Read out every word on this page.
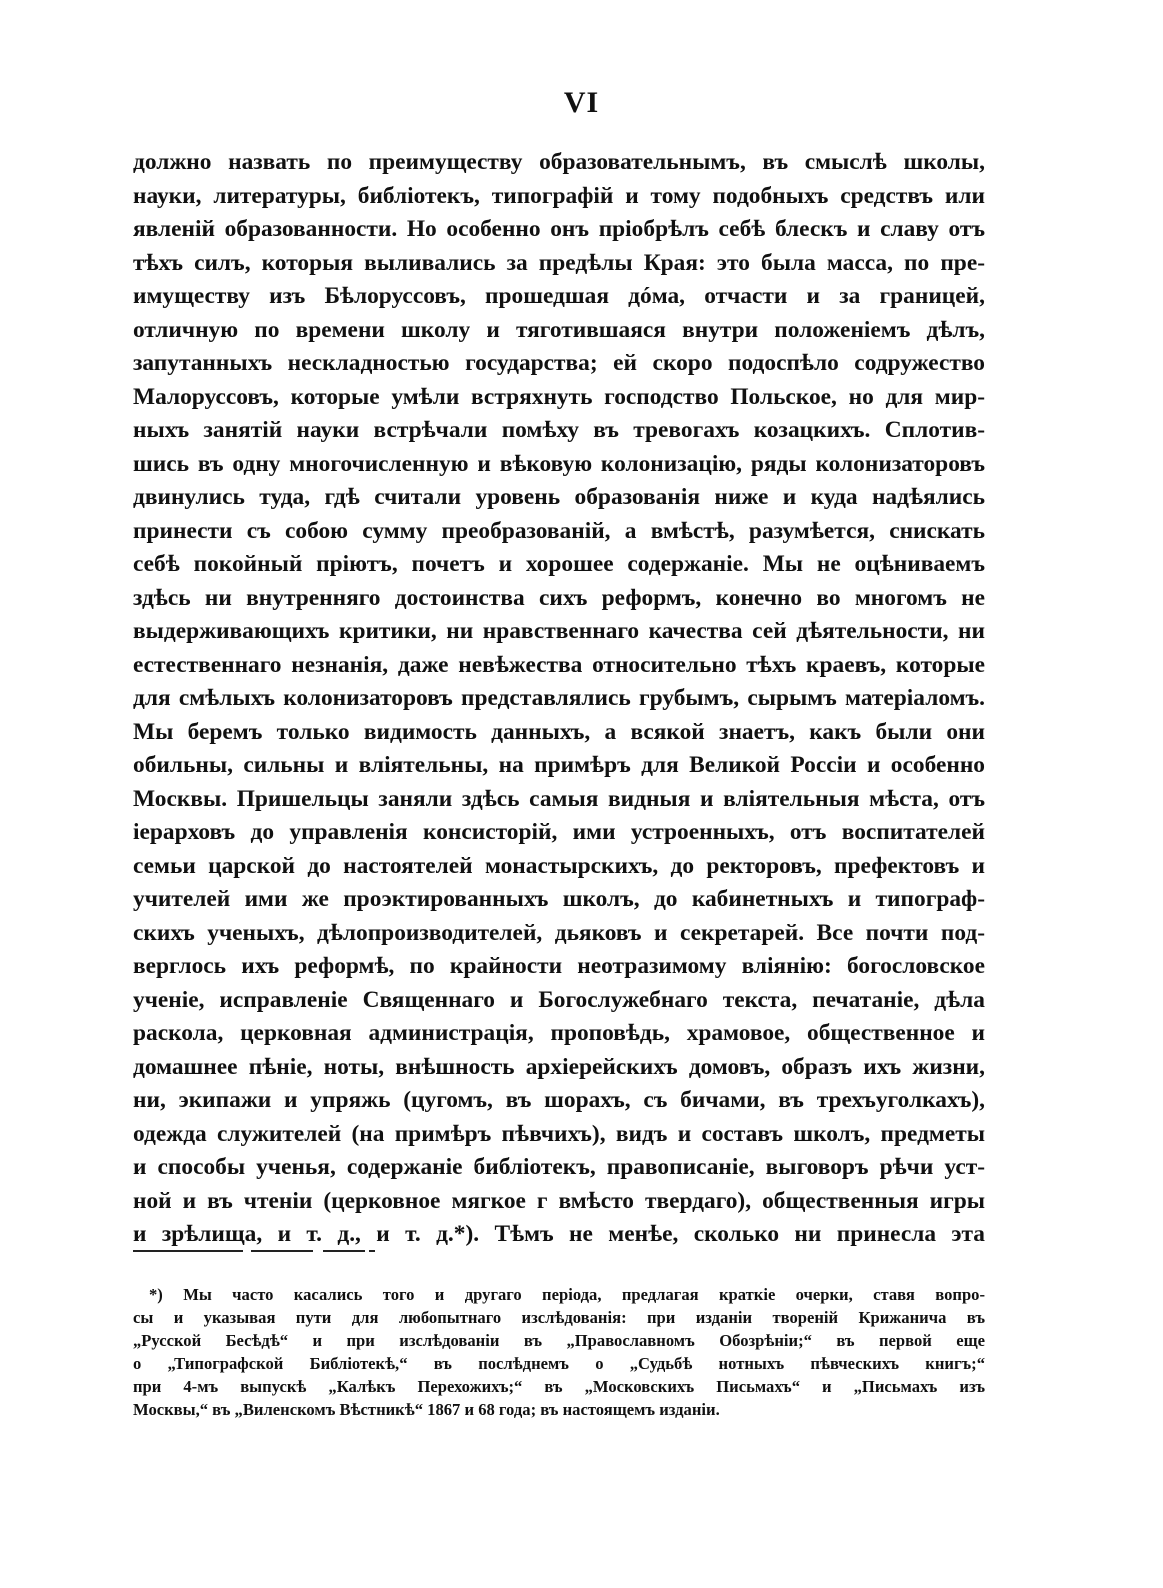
VI
должно назвать по преимуществу образовательнымъ, въ смыслѣ школы,
науки, литературы, библіотекъ, типографій и тому подобныхъ средствъ или
явленій образованности. Но особенно онъ пріобрѣлъ себѣ блескъ и славу отъ
тѣхъ силъ, которыя выливались за предѣлы Края: это была масса, по пре-
имуществу изъ Бѣлоруссовъ, прошедшая дóма, отчасти и за границей,
отличную по времени школу и тяготившаяся внутри положеніемъ дѣлъ,
запутанныхъ нескладностью государства; ей скоро подоспѣло содружество
Малоруссовъ, которые умѣли встряхнуть господство Польское, но для мир-
ныхъ занятій науки встрѣчали помѣху въ тревогахъ козацкихъ. Сплотив-
шись въ одну многочисленную и вѣковую колонизацію, ряды колонизаторовъ
двинулись туда, гдѣ считали уровень образованія ниже и куда надѣялись
принести съ собою сумму преобразованій, а вмѣстѣ, разумѣется, снискать
себѣ покойный пріютъ, почетъ и хорошее содержаніе. Мы не оцѣниваемъ
здѣсь ни внутренняго достоинства сихъ реформъ, конечно во многомъ не
выдерживающихъ критики, ни нравственнаго качества сей дѣятельности, ни
естественнаго незнанія, даже невѣжества относительно тѣхъ краевъ, которые
для смѣлыхъ колонизаторовъ представлялись грубымъ, сырымъ матеріаломъ.
Мы беремъ только видимость данныхъ, а всякой знаетъ, какъ были они
обильны, сильны и вліятельны, на примѣръ для Великой Россіи и особенно
Москвы. Пришельцы заняли здѣсь самыя видныя и вліятельныя мѣста, отъ
іерарховъ до управленія консисторій, ими устроенныхъ, отъ воспитателей
семьи царской до настоятелей монастырскихъ, до ректоровъ, префектовъ и
учителей ими же проэктированныхъ школъ, до кабинетныхъ и типограф-
скихъ ученыхъ, дѣлопроизводителей, дьяковъ и секретарей. Все почти под-
верглось ихъ реформѣ, по крайности неотразимому вліянію: богословское
ученіе, исправленіе Священнаго и Богослужебнаго текста, печатаніе, дѣла
раскола, церковная администрація, проповѣдь, храмовое, общественное и
домашнее пѣніе, ноты, внѣшность архіерейскихъ домовъ, образъ ихъ жизни,
ни, экипажи и упряжь (цугомъ, въ шорахъ, съ бичами, въ трехъуголкахъ),
одежда служителей (на примѣръ пѣвчихъ), видъ и составъ школъ, предметы
и способы ученья, содержаніе библіотекъ, правописаніе, выговоръ рѣчи уст-
ной и въ чтеніи (церковное мягкое г вмѣсто твердаго), общественныя игры
и зрѣлища, и т. д., и т. д.*). Тѣмъ не менѣе, сколько ни принесла эта
*) Мы часто касались того и другаго періода, предлагая краткіе очерки, ставя вопро-
сы и указывая пути для любопытнаго изслѣдованія: при изданіи твореній Крижанича въ
„Русской Бесѣдѣ“ и при изслѣдованіи въ „Православномъ Обозрѣніи;“ въ первой еще
о „Типографской Библіотекѣ,“ въ послѣднемъ о „Судьбѣ нотныхъ пѣвческихъ книгъ;“
при 4-мъ выпускѣ „Калѣкъ Перехожихъ;“ въ „Московскихъ Письмахъ“ и „Письмахъ изъ
Москвы,“ въ „Виленскомъ Вѣстникѣ“ 1867 и 68 года; въ настоящемъ изданіи.
